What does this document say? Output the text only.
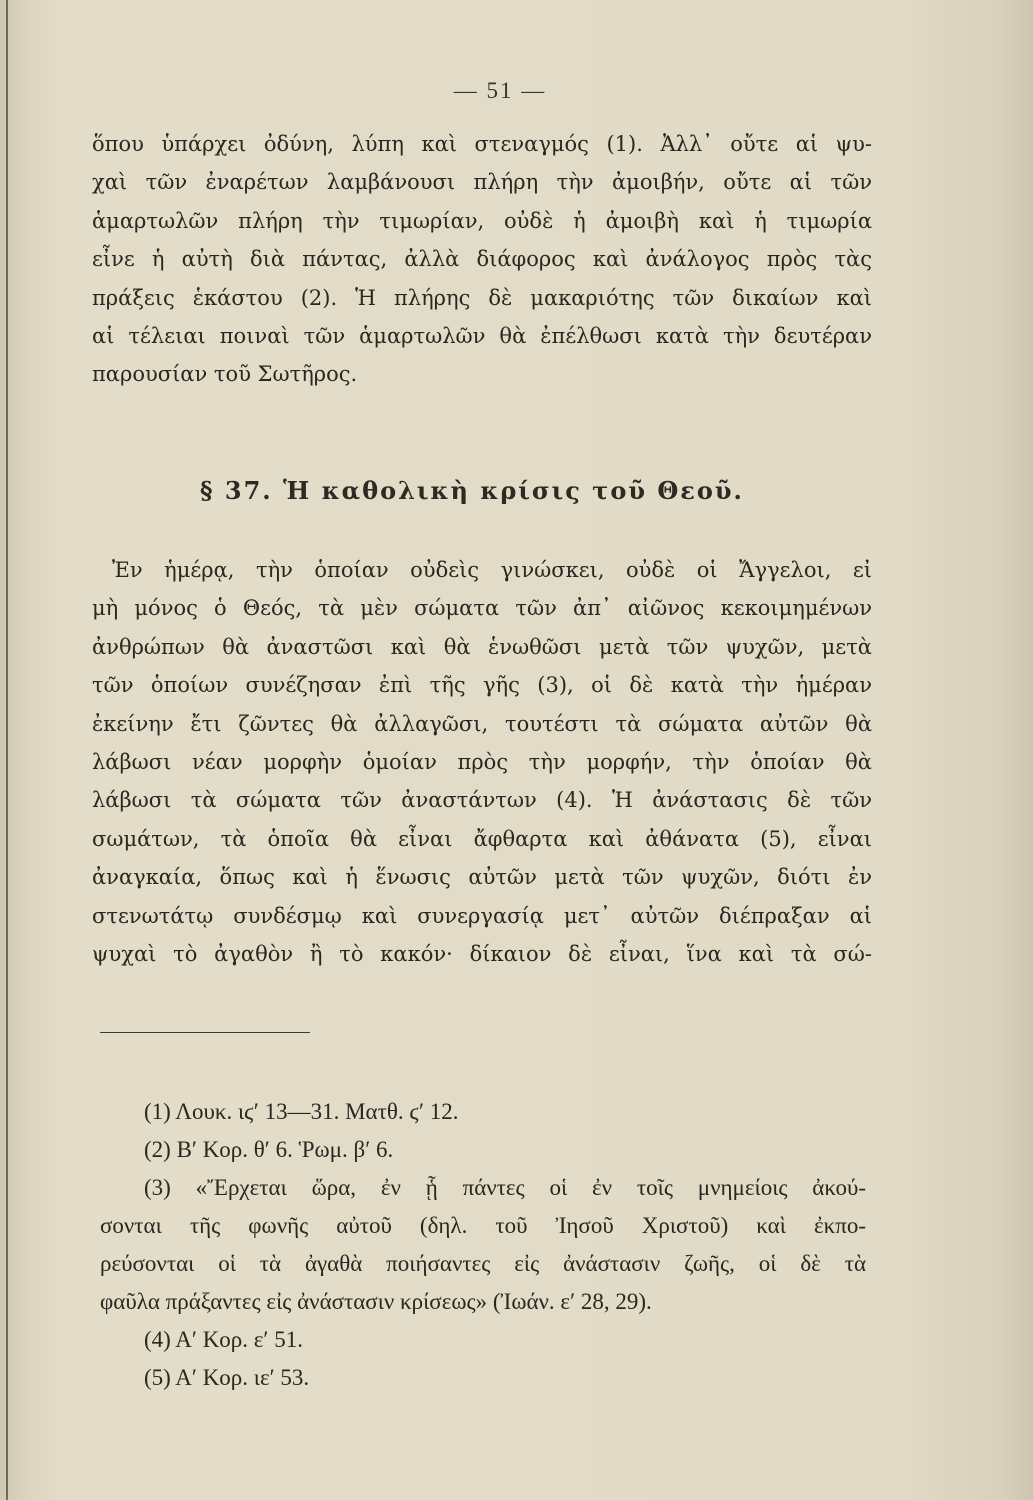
— 51 —
ὅπου ὑπάρχει ὀδύνη, λύπη καὶ στεναγμός (1). Ἀλλ᾽ οὔτε αἱ ψυ-
χαὶ τῶν ἐναρέτων λαμβάνουσι πλήρη τὴν ἀμοιβήν, οὔτε αἱ τῶν
ἁμαρτωλῶν πλήρη τὴν τιμωρίαν, οὐδὲ ἡ ἀμοιβὴ καὶ ἡ τιμωρία
εἶνε ἡ αὐτὴ διὰ πάντας, ἀλλὰ διάφορος καὶ ἀνάλογος πρὸς τὰς
πράξεις ἑκάστου (2). Ἡ πλήρης δὲ μακαριότης τῶν δικαίων καὶ
αἱ τέλειαι ποιναὶ τῶν ἁμαρτωλῶν θὰ ἐπέλθωσι κατὰ τὴν δευτέραν
παρουσίαν τοῦ Σωτῆρος.
§ 37. Ἡ καθολικὴ κρίσις τοῦ Θεοῦ.
Ἐν ἡμέρᾳ, τὴν ὁποίαν οὐδεὶς γινώσκει, οὐδὲ οἱ Ἄγγελοι, εἰ
μὴ μόνος ὁ Θεός, τὰ μὲν σώματα τῶν ἀπ᾽ αἰῶνος κεκοιμημένων
ἀνθρώπων θὰ ἀναστῶσι καὶ θὰ ἑνωθῶσι μετὰ τῶν ψυχῶν, μετὰ
τῶν ὁποίων συνέζησαν ἐπὶ τῆς γῆς (3), οἱ δὲ κατὰ τὴν ἡμέραν
ἐκείνην ἔτι ζῶντες θὰ ἀλλαγῶσι, τουτέστι τὰ σώματα αὐτῶν θὰ
λάβωσι νέαν μορφὴν ὁμοίαν πρὸς τὴν μορφήν, τὴν ὁποίαν θὰ
λάβωσι τὰ σώματα τῶν ἀναστάντων (4). Ἡ ἀνάστασις δὲ τῶν
σωμάτων, τὰ ὁποῖα θὰ εἶναι ἄφθαρτα καὶ ἀθάνατα (5), εἶναι
ἀναγκαία, ὅπως καὶ ἡ ἕνωσις αὐτῶν μετὰ τῶν ψυχῶν, διότι ἐν
στενωτάτῳ συνδέσμῳ καὶ συνεργασίᾳ μετ᾽ αὐτῶν διέπραξαν αἱ
ψυχαὶ τὸ ἀγαθὸν ἢ τὸ κακόν· δίκαιον δὲ εἶναι, ἵνα καὶ τὰ σώ-
(1) Λουκ. ιϛ′ 13—31. Ματθ. ϛ′ 12.
(2) Β′ Κορ. θ′ 6. Ῥωμ. β′ 6.
(3) «Ἔρχεται ὥρα, ἐν ᾗ πάντες οἱ ἐν τοῖς μνημείοις ἀκού-
σονται τῆς φωνῆς αὐτοῦ (δηλ. τοῦ Ἰησοῦ Χριστοῦ) καὶ ἐκπο-
ρεύσονται οἱ τὰ ἀγαθὰ ποιήσαντες εἰς ἀνάστασιν ζωῆς, οἱ δὲ τὰ
φαῦλα πράξαντες εἰς ἀνάστασιν κρίσεως» (Ἰωάν. ε′ 28, 29).
(4) Α′ Κορ. ε′ 51.
(5) Α′ Κορ. ιε′ 53.
